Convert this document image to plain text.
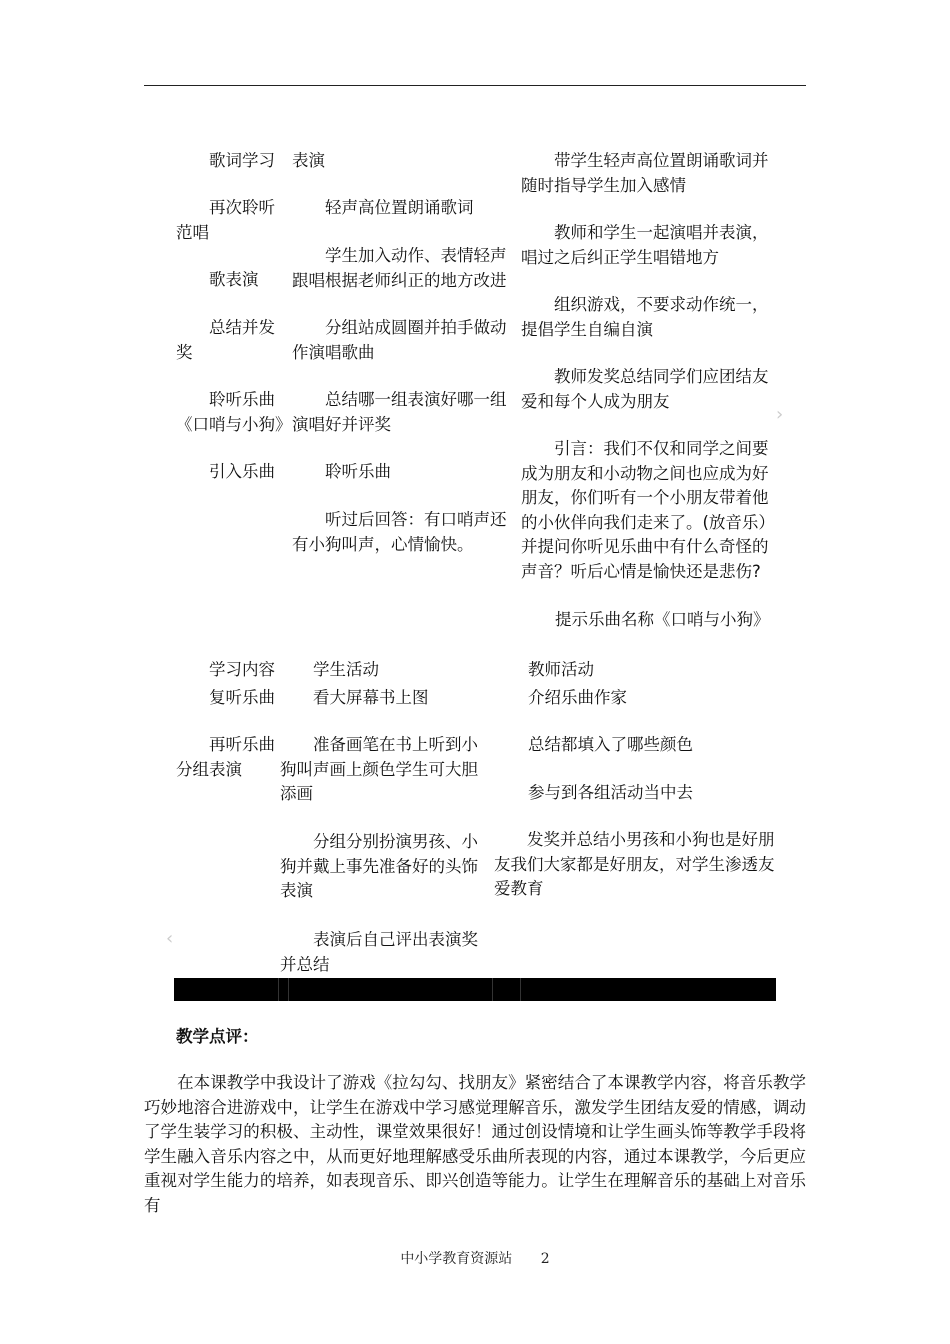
歌词学习
　　再次聆听范唱
歌表演
　　总结并发奖
　　聆听乐曲《口哨与小狗》
引入乐曲
表演
　　轻声高位置朗诵歌词
　　学生加入动作、表情轻声跟唱根据老师纠正的地方改进
　　分组站成圆圈并拍手做动作演唱歌曲
　　总结哪一组表演好哪一组演唱好并评奖
　　聆听乐曲
　　听过后回答：有口哨声还有小狗叫声，心情愉快。
　　带学生轻声高位置朗诵歌词并随时指导学生加入感情
　　教师和学生一起演唱并表演，唱过之后纠正学生唱错地方
　　组织游戏，不要求动作统一，提倡学生自编自演
　　教师发奖总结同学们应团结友爱和每个人成为朋友
　　引言：我们不仅和同学之间要成为朋友和小动物之间也应成为好朋友，你们听有一个小朋友带着他的小伙伴向我们走来了。(放音乐）并提问你听见乐曲中有什么奇怪的声音？听后心情是愉快还是悲伤?
提示乐曲名称《口哨与小狗》
›
‹
学习内容 学生活动	教师活动
复听乐曲
　　再听乐曲分组表演
看大屏幕书上图
　　准备画笔在书上听到小狗叫声画上颜色学生可大胆添画
　　分组分别扮演男孩、小狗并戴上事先准备好的头饰表演
　　表演后自己评出表演奖并总结
介绍乐曲作家
总结都填入了哪些颜色
参与到各组活动当中去
　　发奖并总结小男孩和小狗也是好朋友我们大家都是好朋友，对学生渗透友爱教育
教学点评：
　　在本课教学中我设计了游戏《拉勾勾、找朋友》紧密结合了本课教学内容，将音乐教学巧妙地溶合进游戏中，让学生在游戏中学习感觉理解音乐，激发学生团结友爱的情感，调动了学生装学习的积极、主动性，课堂效果很好！通过创设情境和让学生画头饰等教学手段将学生融入音乐内容之中，从而更好地理解感受乐曲所表现的内容，通过本课教学，今后更应重视对学生能力的培养，如表现音乐、即兴创造等能力。让学生在理解音乐的基础上对音乐有
中小学教育资源站 2
